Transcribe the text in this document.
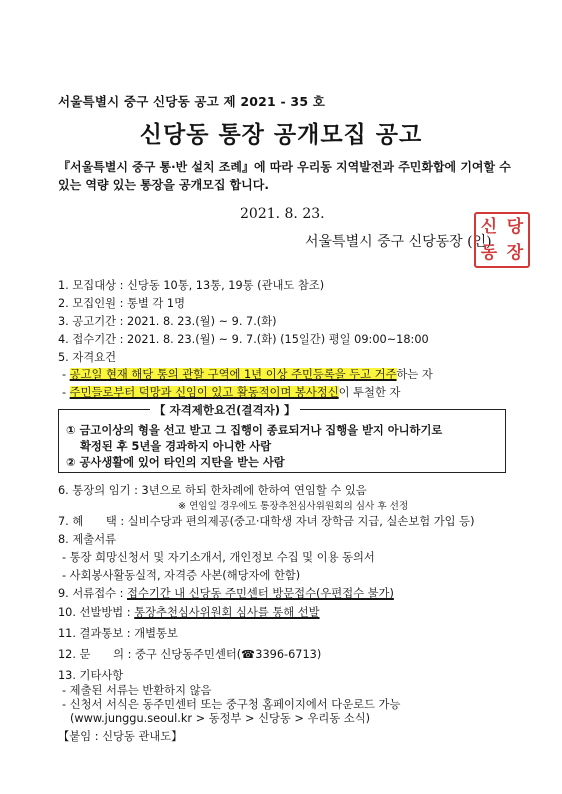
서울특별시 중구 신당동 공고 제 2021 - 35 호
신당동 통장 공개모집 공고
『서울특별시 중구 통·반 설치 조례』에 따라 우리동 지역발전과 주민화합에 기여할 수 있는 역량 있는 통장을 공개모집 합니다.
2021. 8. 23.
서울특별시 중구 신당동장 (인)
신 당
동 장
1. 모집대상 : 신당동 10통, 13통, 19통 (관내도 참조)
2. 모집인원 : 통별 각 1명
3. 공고기간 : 2021. 8. 23.(월) ~ 9. 7.(화)
4. 접수기간 : 2021. 8. 23.(월) ~ 9. 7.(화) (15일간) 평일 09:00~18:00
5. 자격요건
- 공고일 현재 해당 통의 관할 구역에 1년 이상 주민등록을 두고 거주하는 자
- 주민들로부터 덕망과 신임이 있고 활동적이며 봉사정신이 투철한 자
【 자격제한요건(결격자) 】
① 금고이상의 형을 선고 받고 그 집행이 종료되거나 집행을 받지 아니하기로
확정된 후 5년을 경과하지 아니한 사람
② 공사생활에 있어 타인의 지탄을 받는 사람
6. 통장의 임기 : 3년으로 하되 한차례에 한하여 연임할 수 있음
※ 연임일 경우에도 통장추천심사위원회의 심사 후 선정
7. 혜　　택 : 실비수당과 편의제공(중고·대학생 자녀 장학금 지급, 실손보험 가입 등)
8. 제출서류
- 통장 희망신청서 및 자기소개서, 개인정보 수집 및 이용 동의서
- 사회봉사활동실적, 자격증 사본(해당자에 한함)
9. 서류접수 : 접수기간 내 신당동 주민센터 방문접수(우편접수 불가)
10. 선발방법 : 통장추천심사위원회 심사를 통해 선발
11. 결과통보 : 개별통보
12. 문　　의 : 중구 신당동주민센터(☎3396-6713)
13. 기타사항
- 제출된 서류는 반환하지 않음
- 신청서 서식은 동주민센터 또는 중구청 홈페이지에서 다운로드 가능
(www.junggu.seoul.kr > 동정부 > 신당동 > 우리동 소식)
【붙임 : 신당동 관내도】
